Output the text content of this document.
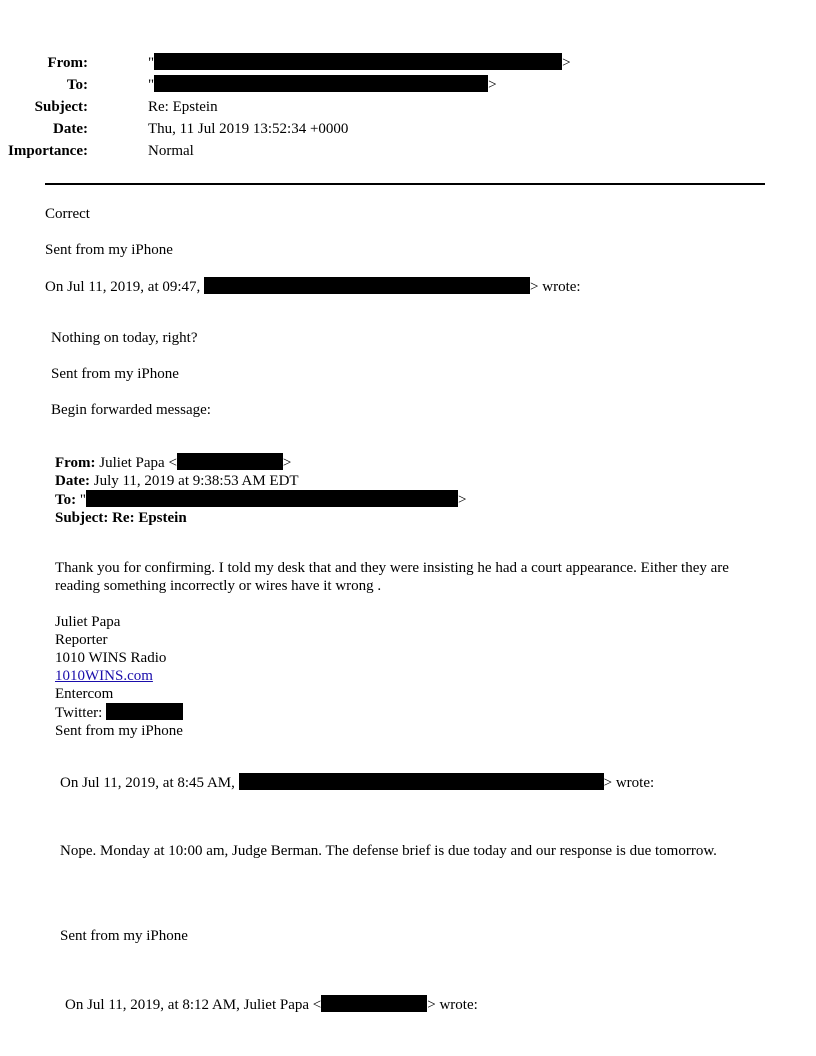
From:	"	>
To:	"	>
Subject:	Re: Epstein
Date:	Thu, 11 Jul 2019 13:52:34 +0000
Importance:	Normal
Correct
Sent from my iPhone
On Jul 11, 2019, at 09:47,	> wrote:
Nothing on today, right?
Sent from my iPhone
Begin forwarded message:
From: Juliet Papa <	>
Date: July 11, 2019 at 9:38:53 AM EDT
To: "	>
Subject: Re: Epstein
Thank you for confirming. I told my desk that and they were insisting he had a court appearance. Either they are reading something incorrectly or wires have it wrong .
Juliet Papa
Reporter
1010 WINS Radio
1010WINS.com
Entercom
Twitter:
Sent from my iPhone
On Jul 11, 2019, at 8:45 AM,	> wrote:
Nope. Monday at 10:00 am, Judge Berman. The defense brief is due today and our response is due tomorrow.
Sent from my iPhone
On Jul 11, 2019, at 8:12 AM, Juliet Papa <	> wrote:
